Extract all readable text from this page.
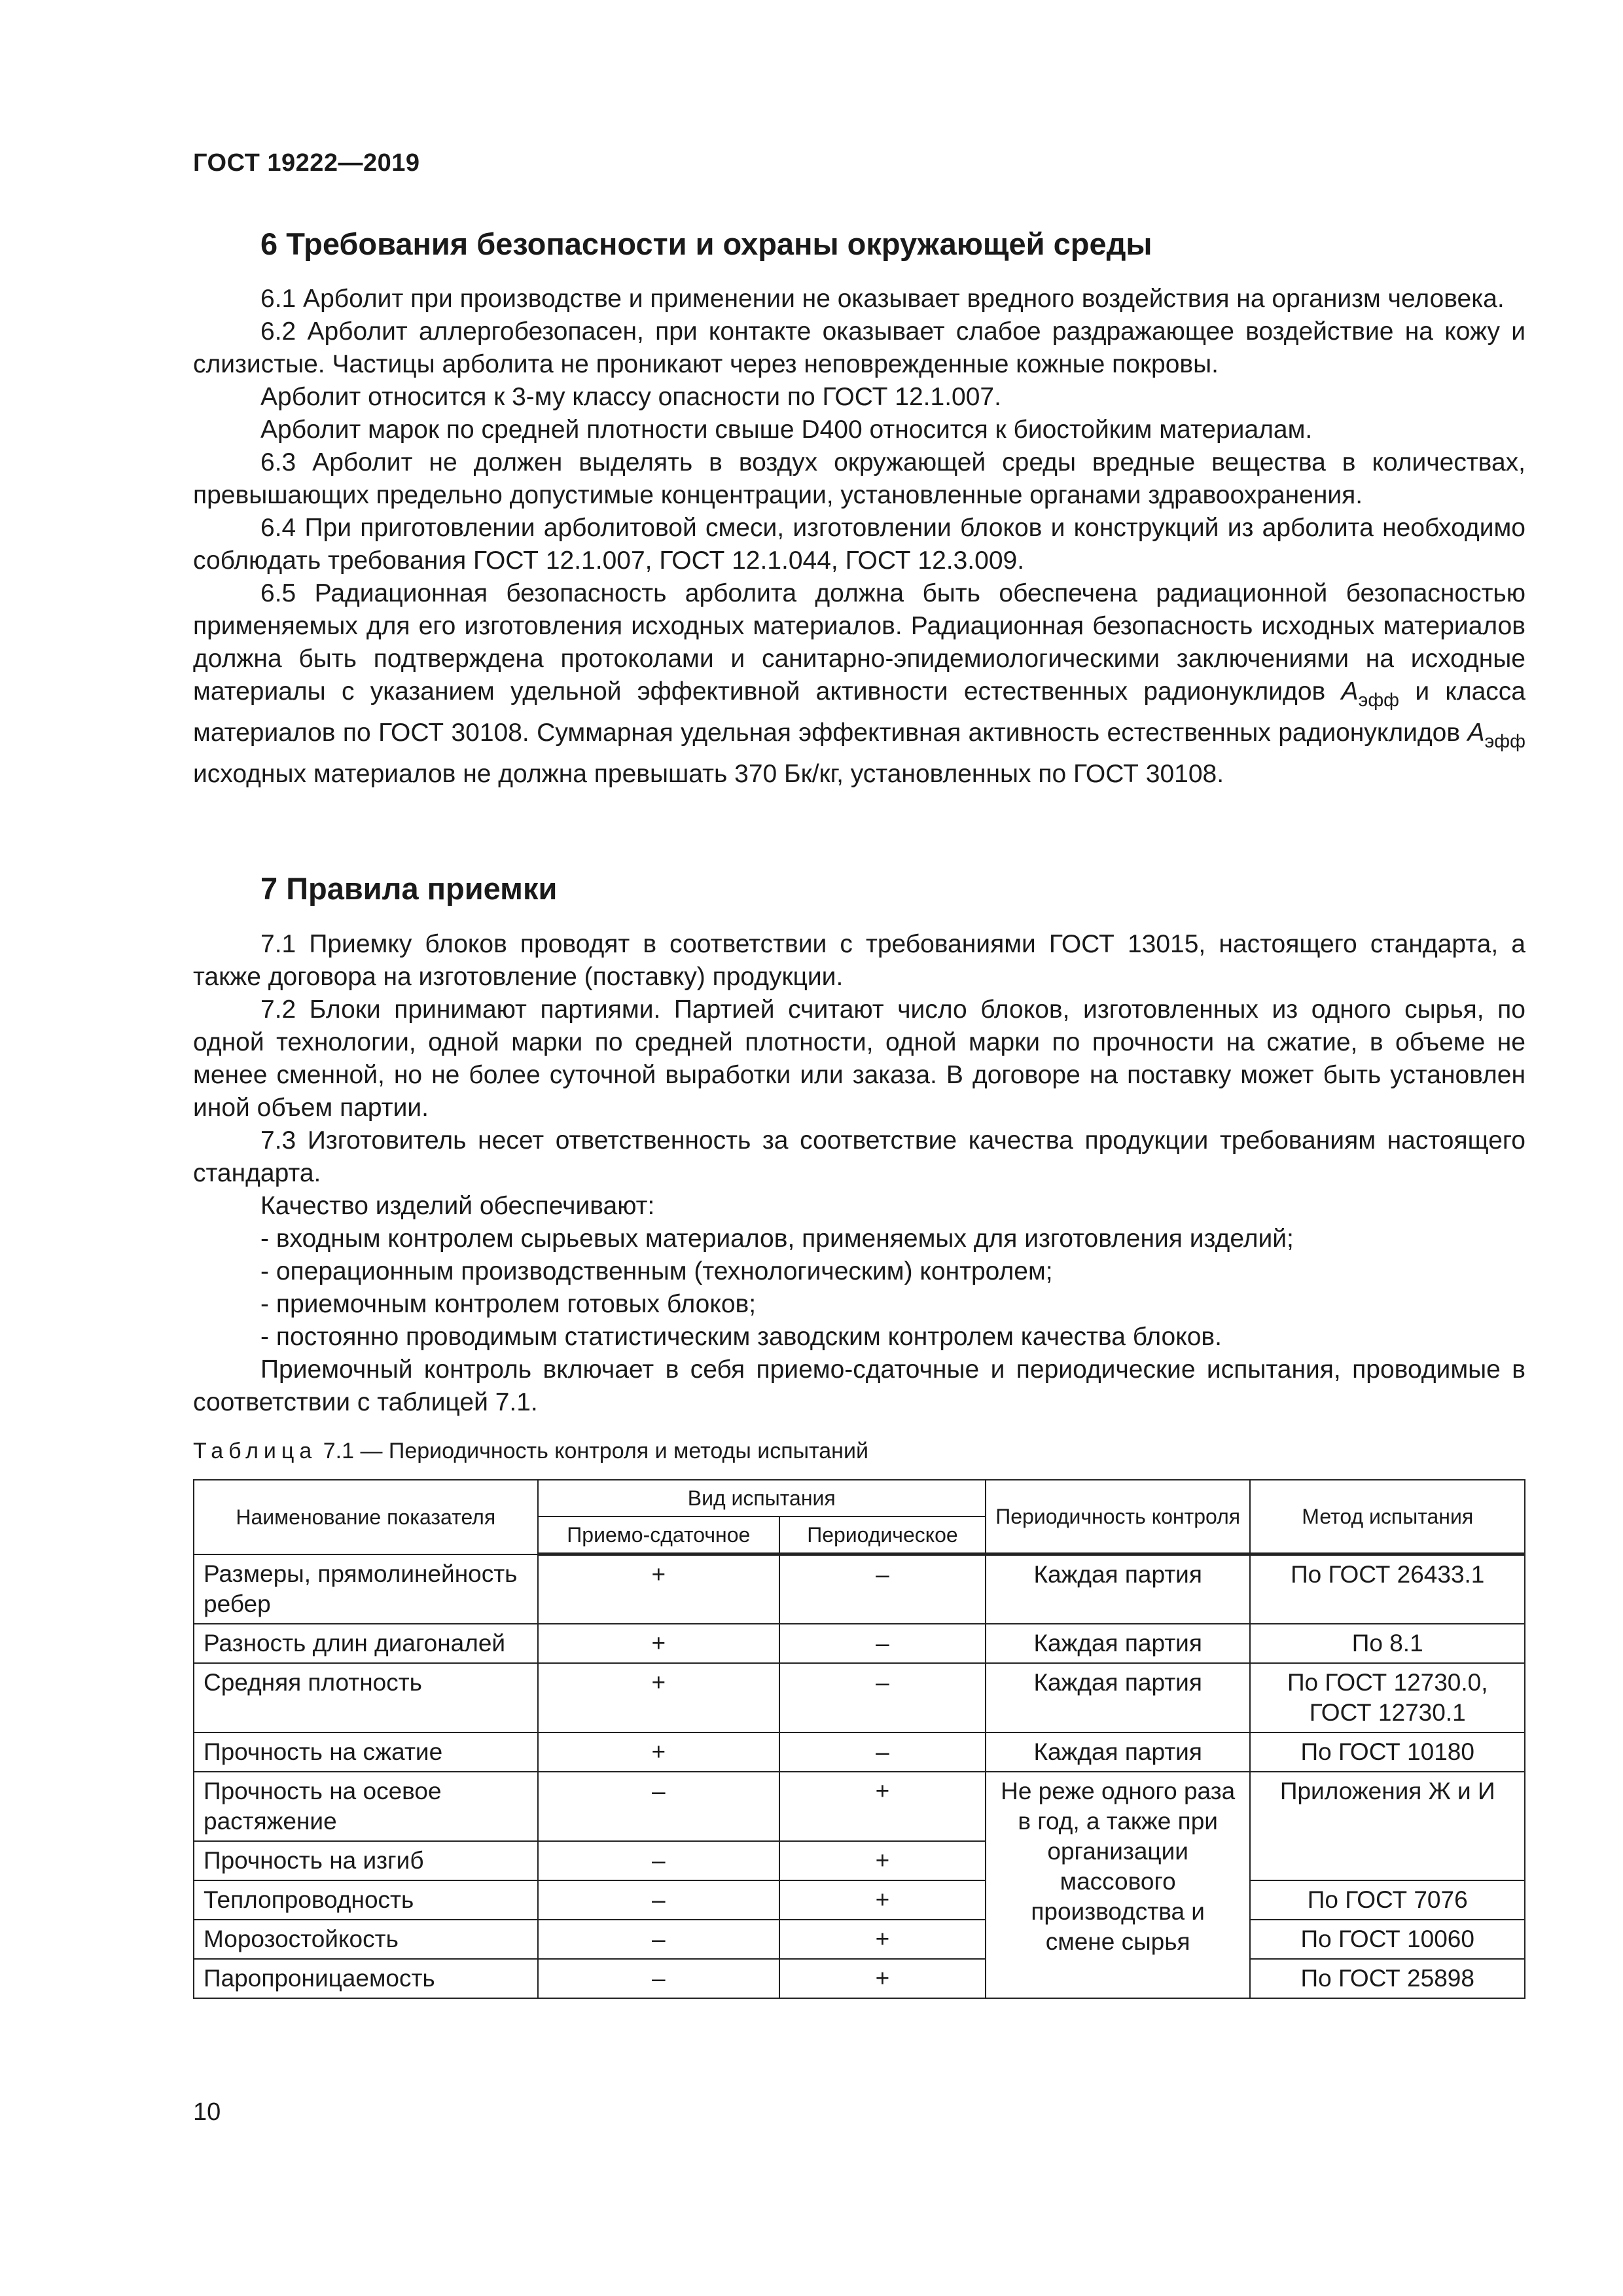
ГОСТ 19222—2019
6 Требования безопасности и охраны окружающей среды

6.1 Арболит при производстве и применении не оказывает вредного воздействия на организм человека.

6.2 Арболит аллергобезопасен, при контакте оказывает слабое раздражающее воздействие на кожу и слизистые. Частицы арболита не проникают через неповрежденные кожные покровы.

Арболит относится к 3-му классу опасности по ГОСТ 12.1.007.

Арболит марок по средней плотности свыше D400 относится к биостойким материалам.

6.3 Арболит не должен выделять в воздух окружающей среды вредные вещества в количествах, превышающих предельно допустимые концентрации, установленные органами здравоохранения.

6.4 При приготовлении арболитовой смеси, изготовлении блоков и конструкций из арболита необходимо соблюдать требования ГОСТ 12.1.007, ГОСТ 12.1.044, ГОСТ 12.3.009.

6.5 Радиационная безопасность арболита должна быть обеспечена радиационной безопасностью применяемых для его изготовления исходных материалов. Радиационная безопасность исходных материалов должна быть подтверждена протоколами и санитарно-эпидемиологическими заключениями на исходные материалы с указанием удельной эффективной активности естественных радионуклидов $A_{эфф}$ и класса материалов по ГОСТ 30108. Суммарная удельная эффективная активность естественных радионуклидов $A_{эфф}$ исходных материалов не должна превышать 370 Бк/кг, установленных по ГОСТ 30108.

7 Правила приемки

7.1 Приемку блоков проводят в соответствии с требованиями ГОСТ 13015, настоящего стандарта, а также договора на изготовление (поставку) продукции.

7.2 Блоки принимают партиями. Партией считают число блоков, изготовленных из одного сырья, по одной технологии, одной марки по средней плотности, одной марки по прочности на сжатие, в объеме не менее сменной, но не более суточной выработки или заказа. В договоре на поставку может быть установлен иной объем партии.

7.3 Изготовитель несет ответственность за соответствие качества продукции требованиям настоящего стандарта.

Качество изделий обеспечивают:

- входным контролем сырьевых материалов, применяемых для изготовления изделий;

- операционным производственным (технологическим) контролем;

- приемочным контролем готовых блоков;

- постоянно проводимым статистическим заводским контролем качества блоков.

Приемочный контроль включает в себя приемо-сдаточные и периодические испытания, проводимые в соответствии с таблицей 7.1.

Таблица 7.1 — Периодичность контроля и методы испытаний
Наименование показателя	Вид испытания		Периодичность контроля	Метод испытания
	Приемо-сдаточное	Периодическое		
Размеры, прямолинейность ребер	+	–	Каждая партия	По ГОСТ 26433.1
Разность длин диагоналей	+	–	Каждая партия	По 8.1
Средняя плотность	+	–	Каждая партия	По ГОСТ 12730.0, ГОСТ 12730.1
Прочность на сжатие	+	–	Каждая партия	По ГОСТ 10180
Прочность на осевое растяжение	–	+	Не реже одного раза в год, а также при организации массового производства и смене сырья	Приложения Ж и И
Прочность на изгиб	–	+		
Теплопроводность	–	+		По ГОСТ 7076
Морозостойкость	–	+		По ГОСТ 10060
Паропроницаемость	–	+		По ГОСТ 25898
10
